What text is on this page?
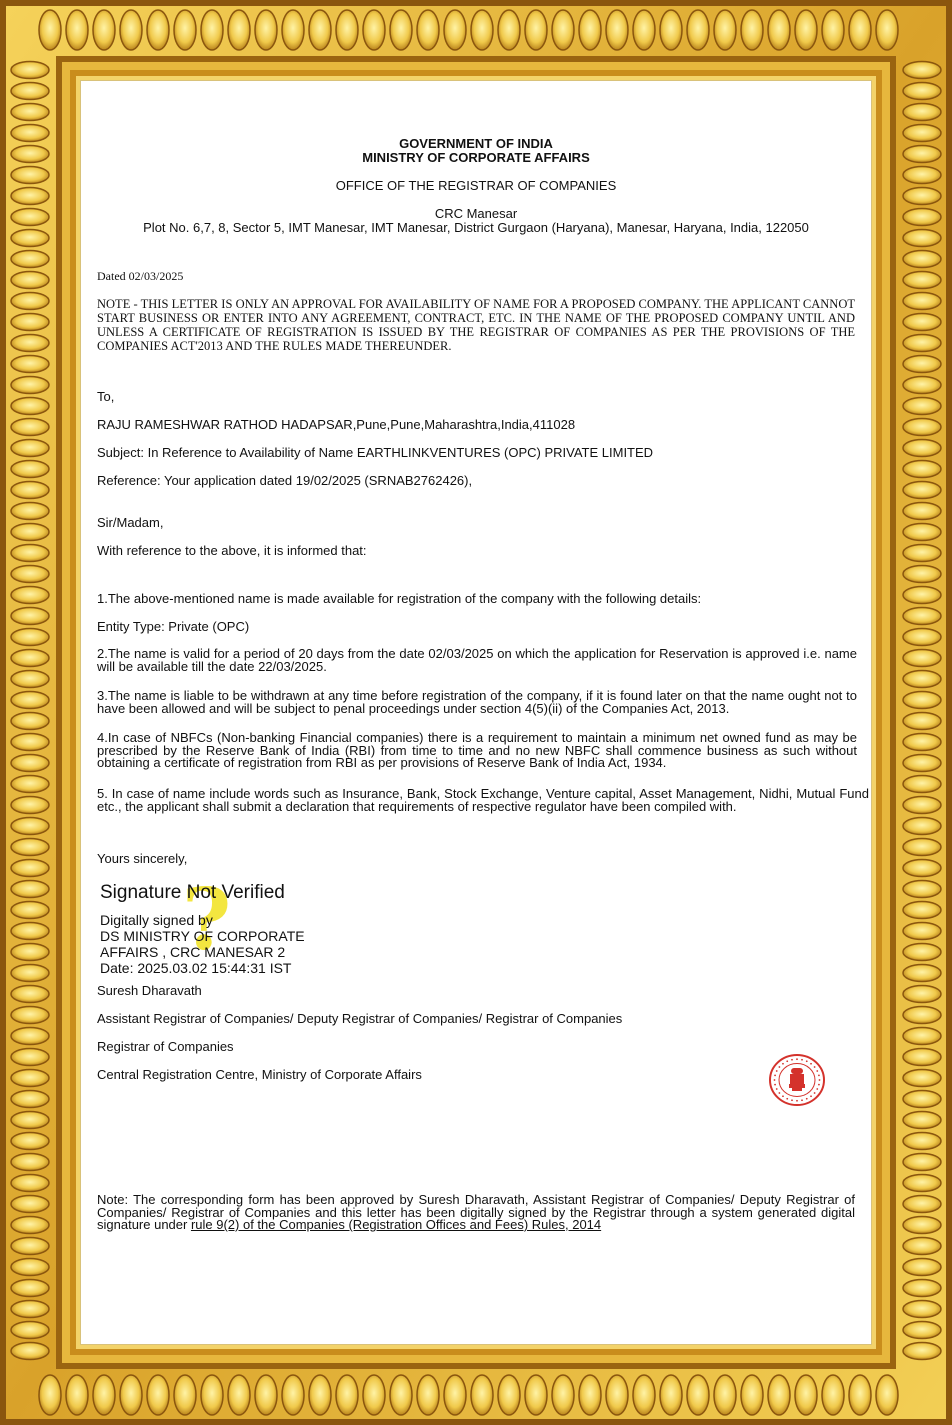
GOVERNMENT OF INDIA
MINISTRY OF CORPORATE AFFAIRS
OFFICE OF THE REGISTRAR OF COMPANIES
CRC Manesar
Plot No. 6,7, 8, Sector 5, IMT Manesar, IMT Manesar, District Gurgaon (Haryana), Manesar, Haryana, India, 122050
Dated 02/03/2025
NOTE - THIS LETTER IS ONLY AN APPROVAL FOR AVAILABILITY OF NAME FOR A PROPOSED COMPANY. THE APPLICANT CANNOT START BUSINESS OR ENTER INTO ANY AGREEMENT, CONTRACT, ETC. IN THE NAME OF THE PROPOSED COMPANY UNTIL AND UNLESS A CERTIFICATE OF REGISTRATION IS ISSUED BY THE REGISTRAR OF COMPANIES AS PER THE PROVISIONS OF THE COMPANIES ACT'2013 AND THE RULES MADE THEREUNDER.
To,
RAJU RAMESHWAR RATHOD HADAPSAR,Pune,Pune,Maharashtra,India,411028
Subject: In Reference to Availability of Name EARTHLINKVENTURES (OPC) PRIVATE LIMITED
Reference: Your application dated 19/02/2025 (SRNAB2762426),
Sir/Madam,
With reference to the above, it is informed that:
1.The above-mentioned name is made available for registration of the company with the following details:
Entity Type: Private (OPC)
2.The name is valid for a period of 20 days from the date 02/03/2025 on which the application for Reservation is approved i.e. name will be available till the date 22/03/2025.
3.The name is liable to be withdrawn at any time before registration of the company, if it is found later on that the name ought not to have been allowed and will be subject to penal proceedings under section 4(5)(ii) of the Companies Act, 2013.
4.In case of NBFCs (Non-banking Financial companies) there is a requirement to maintain a minimum net owned fund as may be prescribed by the Reserve Bank of India (RBI) from time to time and no new NBFC shall commence business as such without obtaining a certificate of registration from RBI as per provisions of Reserve Bank of India Act, 1934.
5. In case of name include words such as Insurance, Bank, Stock Exchange, Venture capital, Asset Management, Nidhi, Mutual Fund etc., the applicant shall submit a declaration that requirements of respective regulator have been compiled with.
Yours sincerely,
?
Signature Not Verified
Digitally signed by
DS MINISTRY OF CORPORATE
AFFAIRS , CRC MANESAR 2
Date: 2025.03.02 15:44:31 IST
Suresh Dharavath
Assistant Registrar of Companies/ Deputy Registrar of Companies/ Registrar of Companies
Registrar of Companies
Central Registration Centre, Ministry of Corporate Affairs
Note: The corresponding form has been approved by Suresh Dharavath, Assistant Registrar of Companies/ Deputy Registrar of Companies/ Registrar of Companies and this letter has been digitally signed by the Registrar through a system generated digital signature under rule 9(2) of the Companies (Registration Offices and Fees) Rules, 2014
